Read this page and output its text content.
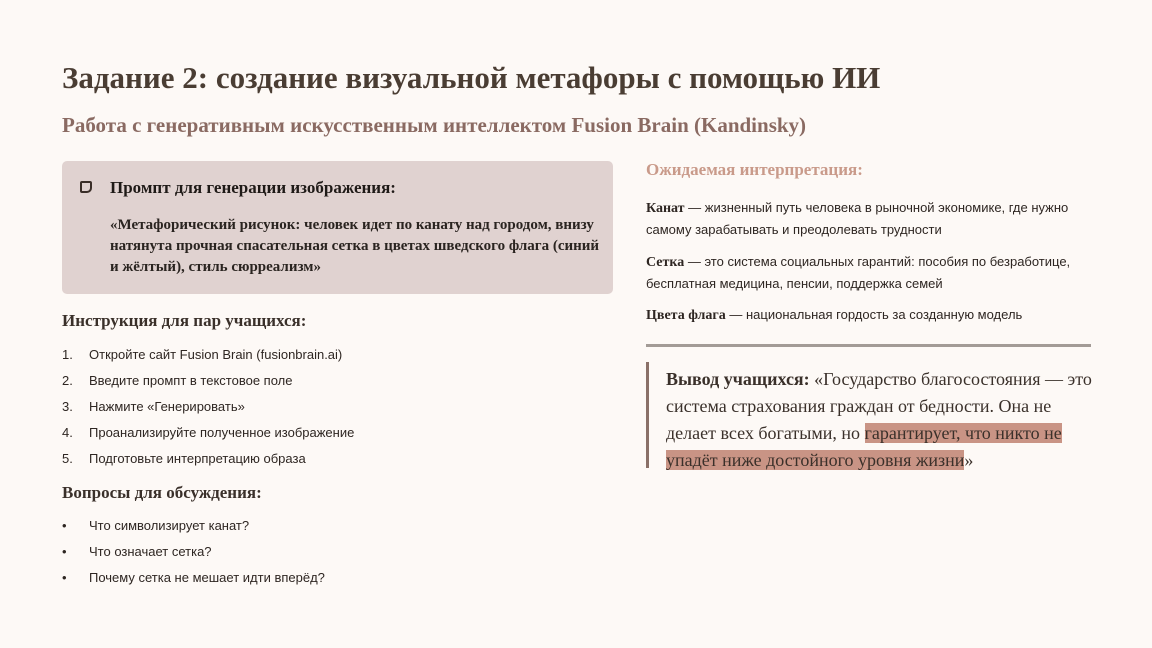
Задание 2: создание визуальной метафоры с помощью ИИ
Работа с генеративным искусственным интеллектом Fusion Brain (Kandinsky)
Промпт для генерации изображения:
«Метафорический рисунок: человек идет по канату над городом, внизу натянута прочная спасательная сетка в цветах шведского флага (синий и жёлтый), стиль сюрреализм»
Инструкция для пар учащихся:
1.	Откройте сайт Fusion Brain (fusionbrain.ai)
2.	Введите промпт в текстовое поле
3.	Нажмите «Генерировать»
4.	Проанализируйте полученное изображение
5.	Подготовьте интерпретацию образа
Вопросы для обсуждения:
•	Что символизирует канат?
•	Что означает сетка?
•	Почему сетка не мешает идти вперёд?
Ожидаемая интерпретация:
Канат — жизненный путь человека в рыночной экономике, где нужно самому зарабатывать и преодолевать трудности
Сетка — это система социальных гарантий: пособия по безработице, бесплатная медицина, пенсии, поддержка семей
Цвета флага — национальная гордость за созданную модель

Вывод учащихся: «Государство благосостояния — это система страхования граждан от бедности. Она не делает всех богатыми, но гарантирует, что никто не упадёт ниже достойного уровня жизни»
